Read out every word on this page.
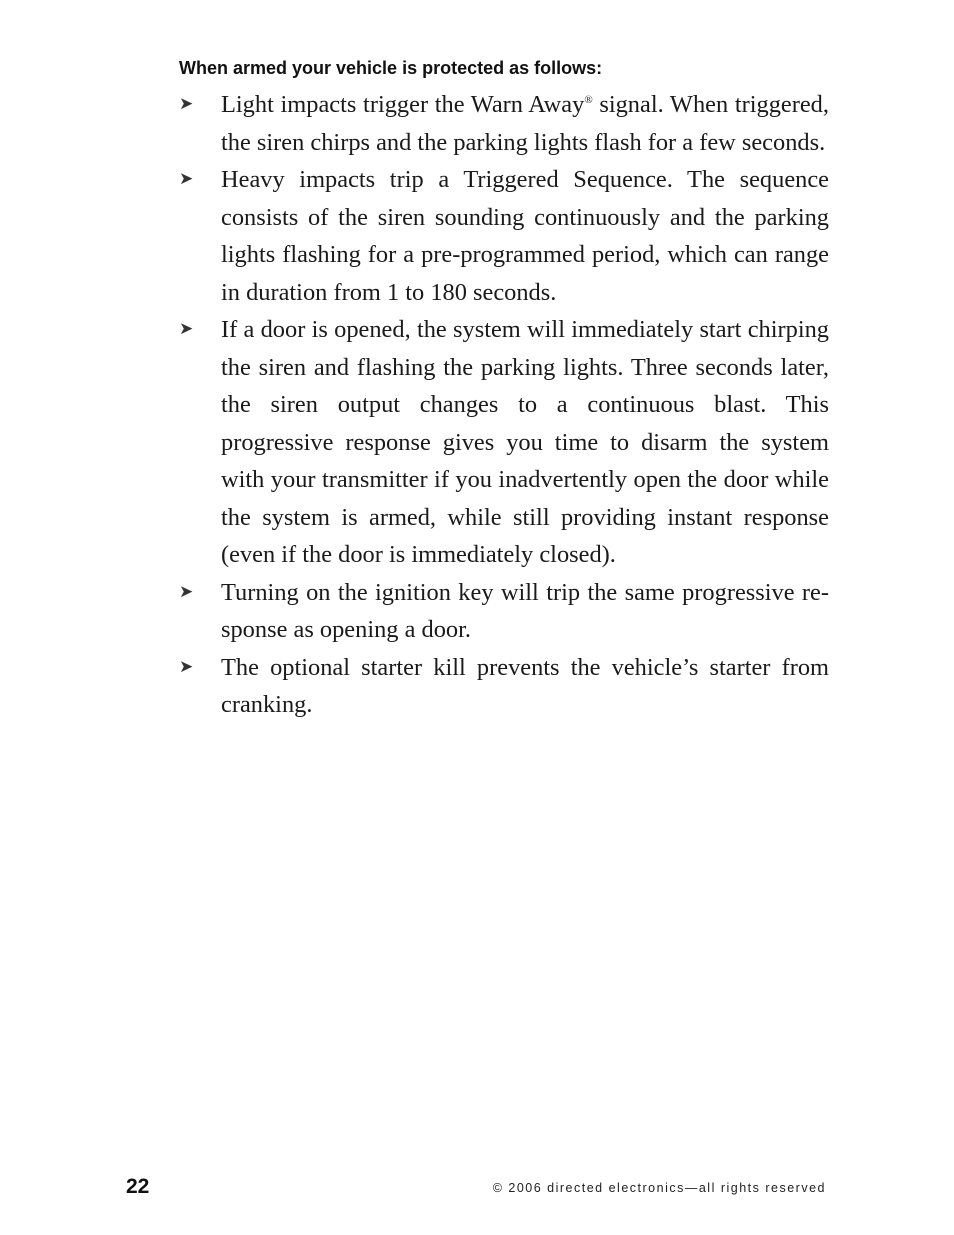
When armed your vehicle is protected as follows:
➤ Light impacts trigger the Warn Away® signal. When triggered, the siren chirps and the parking lights flash for a few seconds.
➤ Heavy impacts trip a Triggered Sequence. The sequence consists of the siren sounding continuously and the parking lights flashing for a pre-programmed period, which can range in duration from 1 to 180 seconds.
➤ If a door is opened, the system will immediately start chirping the siren and flashing the parking lights. Three seconds later, the siren output changes to a continuous blast. This progressive response gives you time to disarm the system with your transmitter if you inadvertently open the door while the system is armed, while still providing instant response (even if the door is immediately closed).
➤ Turning on the ignition key will trip the same progressive response as opening a door.
➤ The optional starter kill prevents the vehicle’s starter from cranking.
22	© 2006 directed electronics—all rights reserved
